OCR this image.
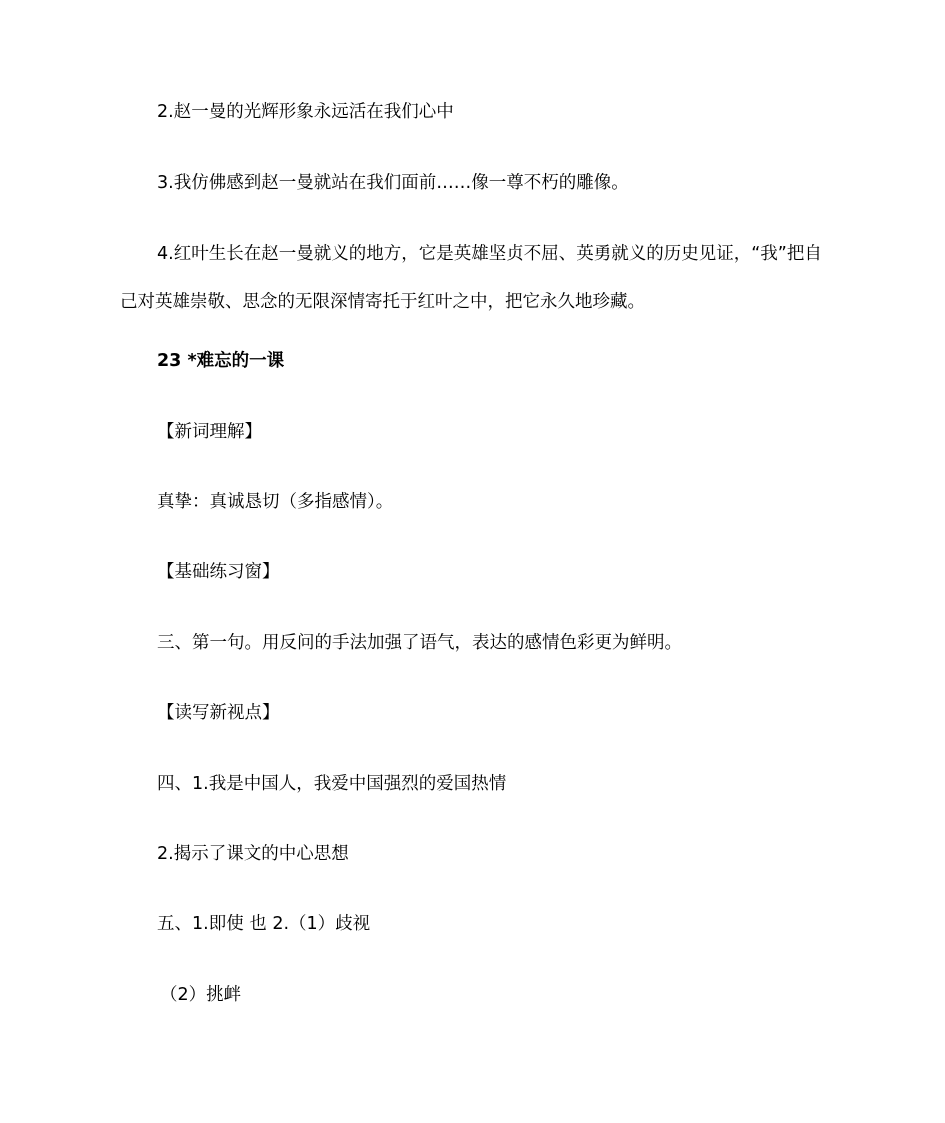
2.赵一曼的光辉形象永远活在我们心中
3.我仿佛感到赵一曼就站在我们面前……像一尊不朽的雕像。
4.红叶生长在赵一曼就义的地方，它是英雄坚贞不屈、英勇就义的历史见证，“我”把自己对英雄崇敬、思念的无限深情寄托于红叶之中，把它永久地珍藏。
23 *难忘的一课
【新词理解】
真挚：真诚恳切（多指感情）。
【基础练习窗】
三、第一句。用反问的手法加强了语气，表达的感情色彩更为鲜明。
【读写新视点】
四、1.我是中国人，我爱中国强烈的爱国热情
2.揭示了课文的中心思想
五、1.即使 也 2.（1）歧视
（2）挑衅
